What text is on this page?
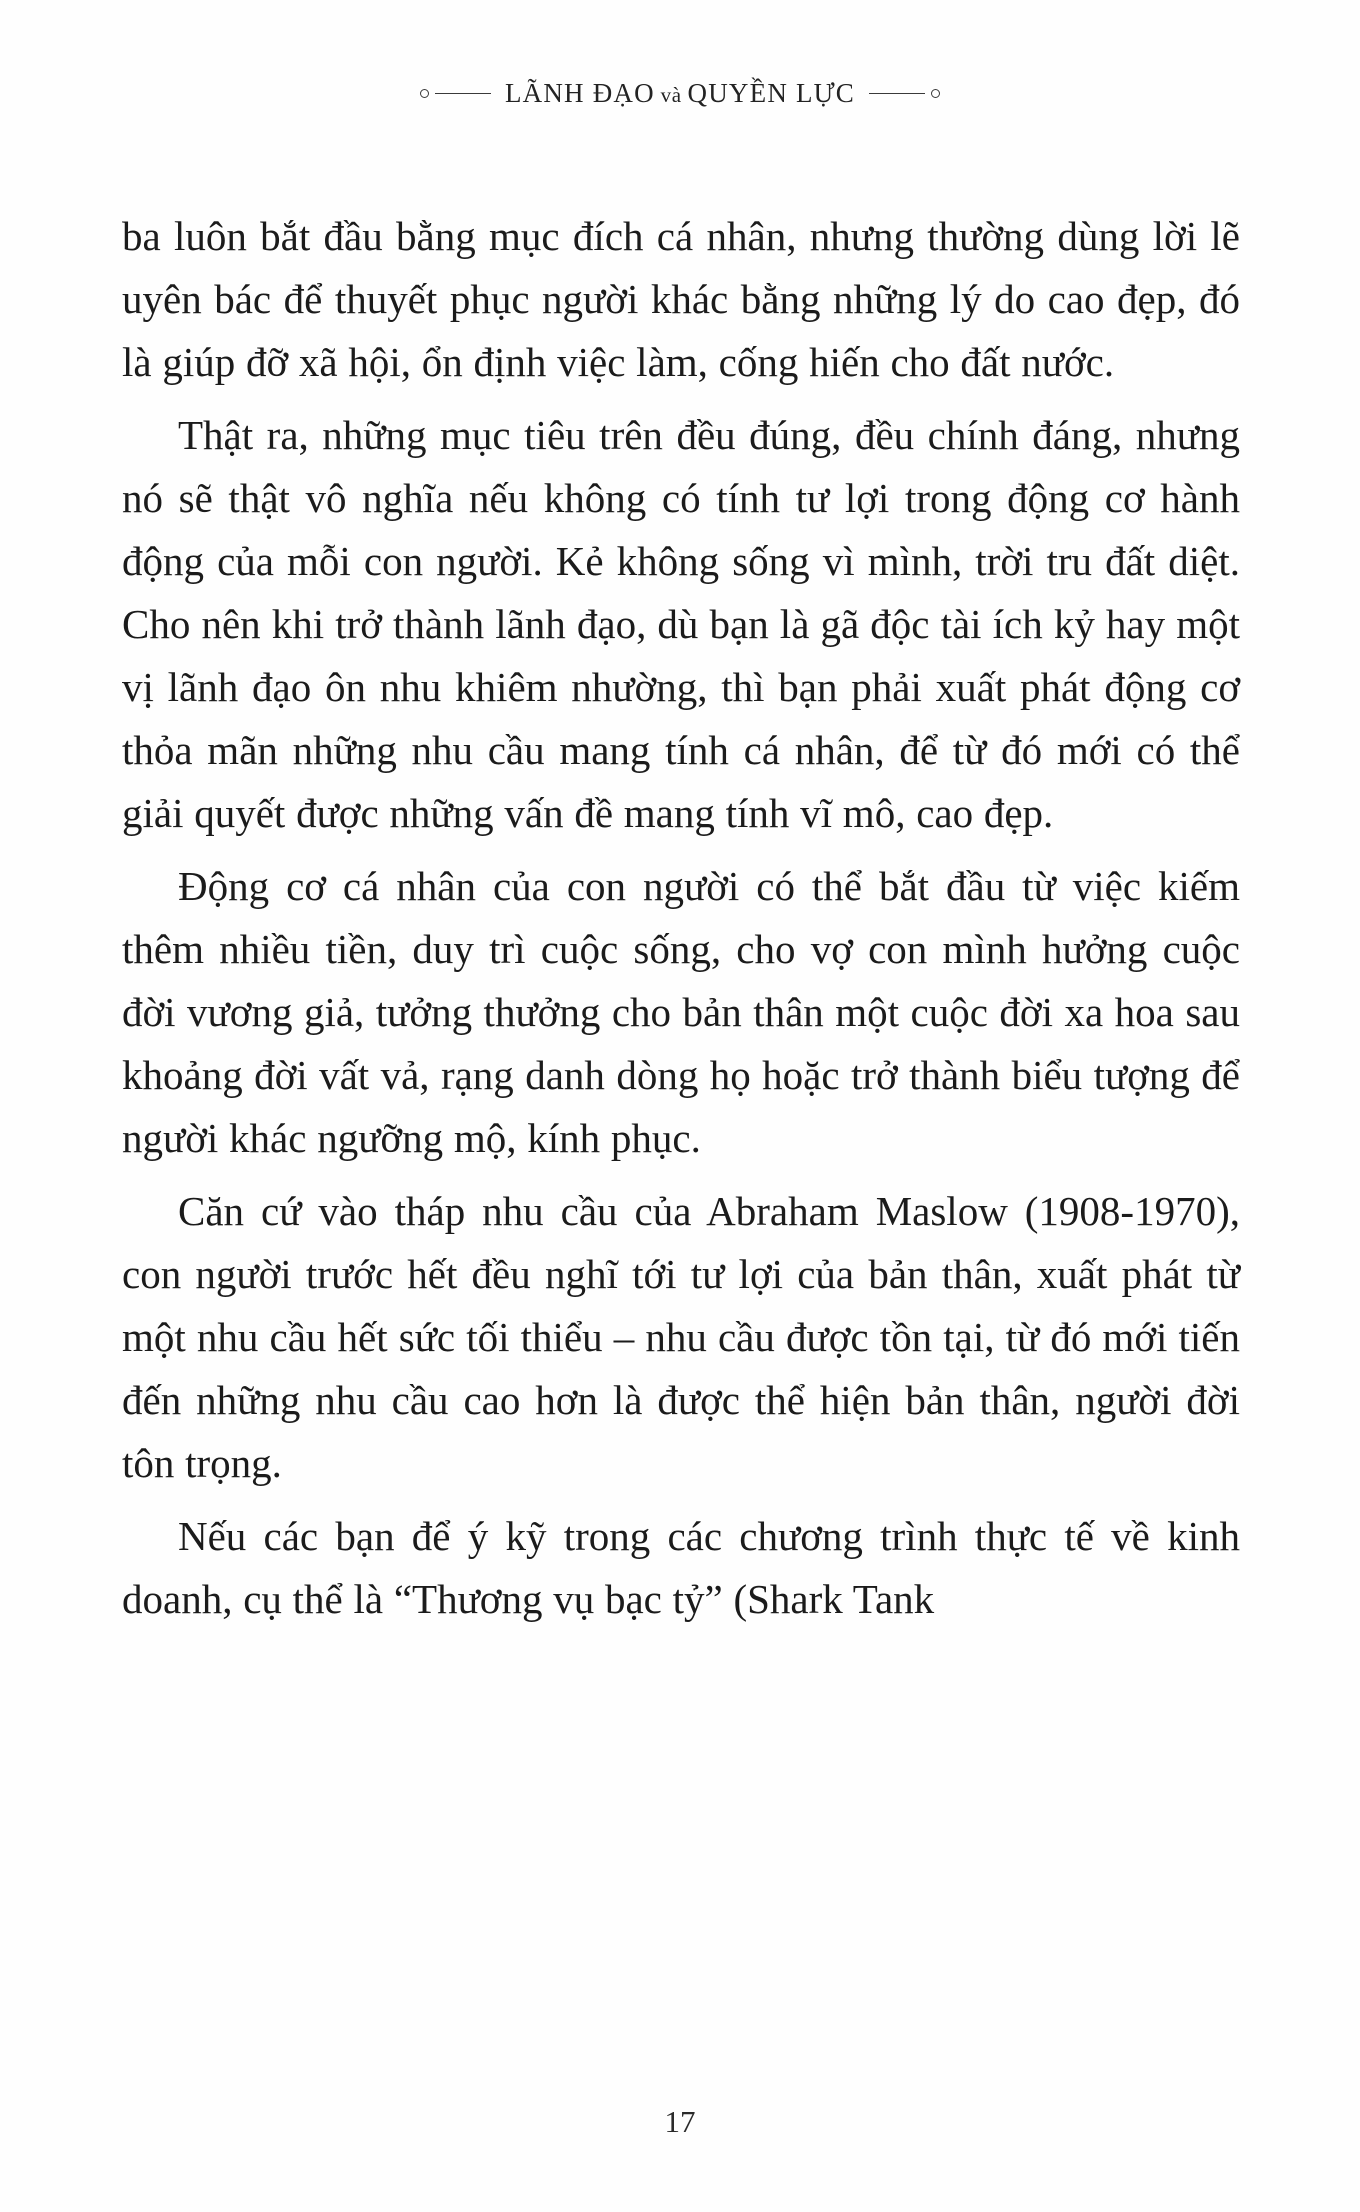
LÃNH ĐẠO và QUYỀN LỰC

ba luôn bắt đầu bằng mục đích cá nhân, nhưng thường dùng lời lẽ uyên bác để thuyết phục người khác bằng những lý do cao đẹp, đó là giúp đỡ xã hội, ổn định việc làm, cống hiến cho đất nước.

Thật ra, những mục tiêu trên đều đúng, đều chính đáng, nhưng nó sẽ thật vô nghĩa nếu không có tính tư lợi trong động cơ hành động của mỗi con người. Kẻ không sống vì mình, trời tru đất diệt. Cho nên khi trở thành lãnh đạo, dù bạn là gã độc tài ích kỷ hay một vị lãnh đạo ôn nhu khiêm nhường, thì bạn phải xuất phát động cơ thỏa mãn những nhu cầu mang tính cá nhân, để từ đó mới có thể giải quyết được những vấn đề mang tính vĩ mô, cao đẹp.

Động cơ cá nhân của con người có thể bắt đầu từ việc kiếm thêm nhiều tiền, duy trì cuộc sống, cho vợ con mình hưởng cuộc đời vương giả, tưởng thưởng cho bản thân một cuộc đời xa hoa sau khoảng đời vất vả, rạng danh dòng họ hoặc trở thành biểu tượng để người khác ngưỡng mộ, kính phục.

Căn cứ vào tháp nhu cầu của Abraham Maslow (1908-1970), con người trước hết đều nghĩ tới tư lợi của bản thân, xuất phát từ một nhu cầu hết sức tối thiểu – nhu cầu được tồn tại, từ đó mới tiến đến những nhu cầu cao hơn là được thể hiện bản thân, người đời tôn trọng.

Nếu các bạn để ý kỹ trong các chương trình thực tế về kinh doanh, cụ thể là “Thương vụ bạc tỷ” (Shark Tank

17
